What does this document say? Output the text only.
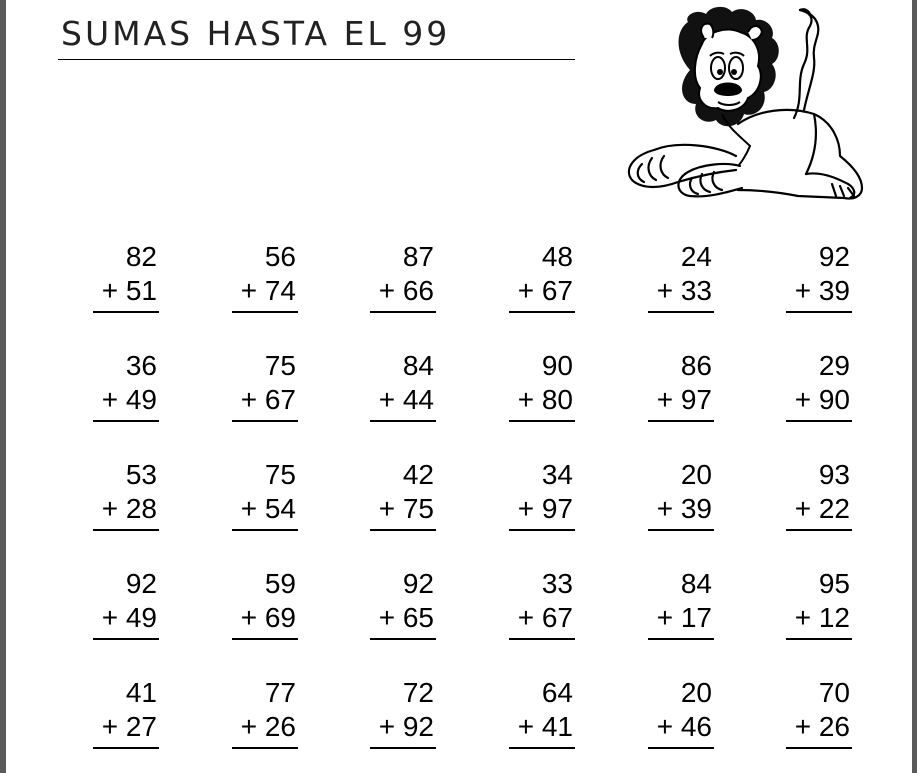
SUMAS HASTA EL 99
82
+ 51
56
+ 74
87
+ 66
48
+ 67
24
+ 33
92
+ 39
36
+ 49
75
+ 67
84
+ 44
90
+ 80
86
+ 97
29
+ 90
53
+ 28
75
+ 54
42
+ 75
34
+ 97
20
+ 39
93
+ 22
92
+ 49
59
+ 69
92
+ 65
33
+ 67
84
+ 17
95
+ 12
41
+ 27
77
+ 26
72
+ 92
64
+ 41
20
+ 46
70
+ 26
